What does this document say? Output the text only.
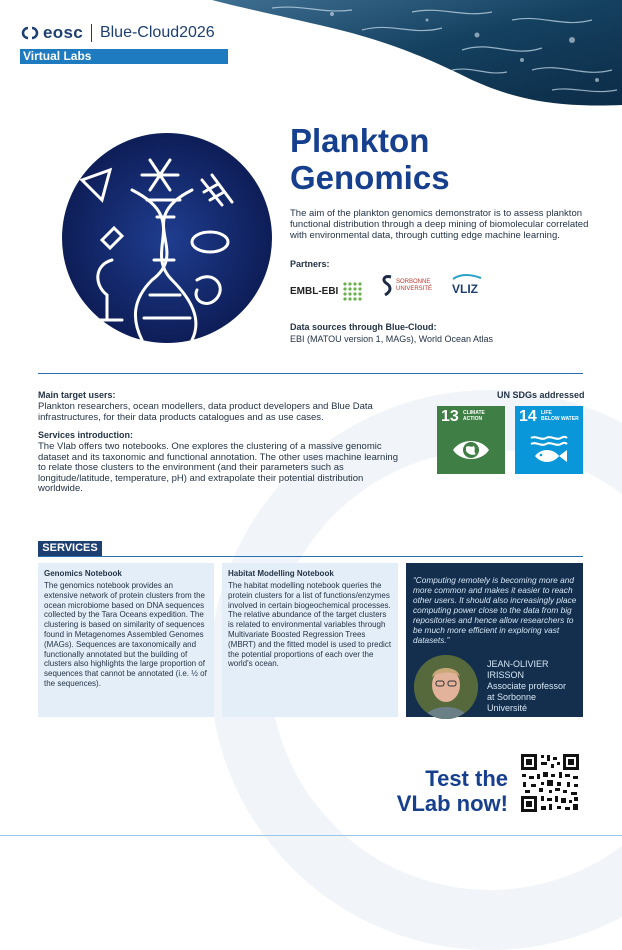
eosc Blue-Cloud2026
Virtual Labs
Plankton
Genomics
The aim of the plankton genomics demonstrator is to assess plankton functional distribution through a deep mining of biomolecular correlated with environmental data, through cutting edge machine learning.
Partners:
EMBL-EBI
SORBONNE
UNIVERSITÉ VLIZ
Data sources through Blue-Cloud:
EBI (MATOU version 1, MAGs), World Ocean Atlas
Main target users:
Plankton researchers, ocean modellers, data product developers and Blue Data infrastructures, for their data products catalogues and as use cases.
Services introduction:
The Vlab offers two notebooks. One explores the clustering of a massive genomic dataset and its taxonomic and functional annotation. The other uses machine learning to relate those clusters to the environment (and their parameters such as longitude/latitude, temperature, pH) and extrapolate their potential distribution worldwide.
UN SDGs addressed
13 CLIMATE
ACTION 14 LIFE
BELOW WATER
SERVICES
Genomics Notebook
The genomics notebook provides an extensive network of protein clusters from the ocean microbiome based on DNA sequences collected by the Tara Oceans expedition. The clustering is based on similarity of sequences found in Metagenomes Assembled Genomes (MAGs). Sequences are taxonomically and functionally annotated but the building of clusters also highlights the large proportion of sequences that cannot be annotated (i.e. ½ of the sequences).
Habitat Modelling Notebook
The habitat modelling notebook queries the protein clusters for a list of functions/enzymes involved in certain biogeochemical processes. The relative abundance of the target clusters is related to environmental variables through Multivariate Boosted Regression Trees (MBRT) and the fitted model is used to predict the potential proportions of each over the world's ocean.
“Computing remotely is becoming more and more common and makes it easier to reach other users. It should also increasingly place computing power close to the data from big repositories and hence allow researchers to be much more efficient in exploring vast datasets.”
JEAN-OLIVIER
IRISSON
Associate professor
at Sorbonne
Université
Test the
VLab now!
